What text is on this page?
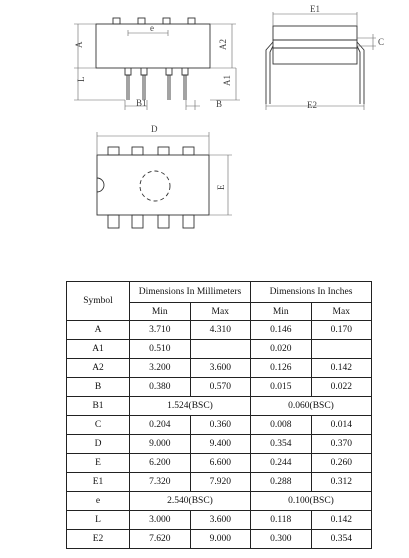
A	A2
A1
L
e
B1	B
E1
C
E2
D
E
Symbol	Dimensions In Millimeters		Dimensions In Inches	
	Min	Max	Min	Max
A	3.710	4.310	0.146	0.170
A1	0.510		0.020	
A2	3.200	3.600	0.126	0.142
B	0.380	0.570	0.015	0.022
B1	1.524(BSC)		0.060(BSC)	
C	0.204	0.360	0.008	0.014
D	9.000	9.400	0.354	0.370
E	6.200	6.600	0.244	0.260
E1	7.320	7.920	0.288	0.312
e	2.540(BSC)		0.100(BSC)	
L	3.000	3.600	0.118	0.142
E2	7.620	9.000	0.300	0.354
